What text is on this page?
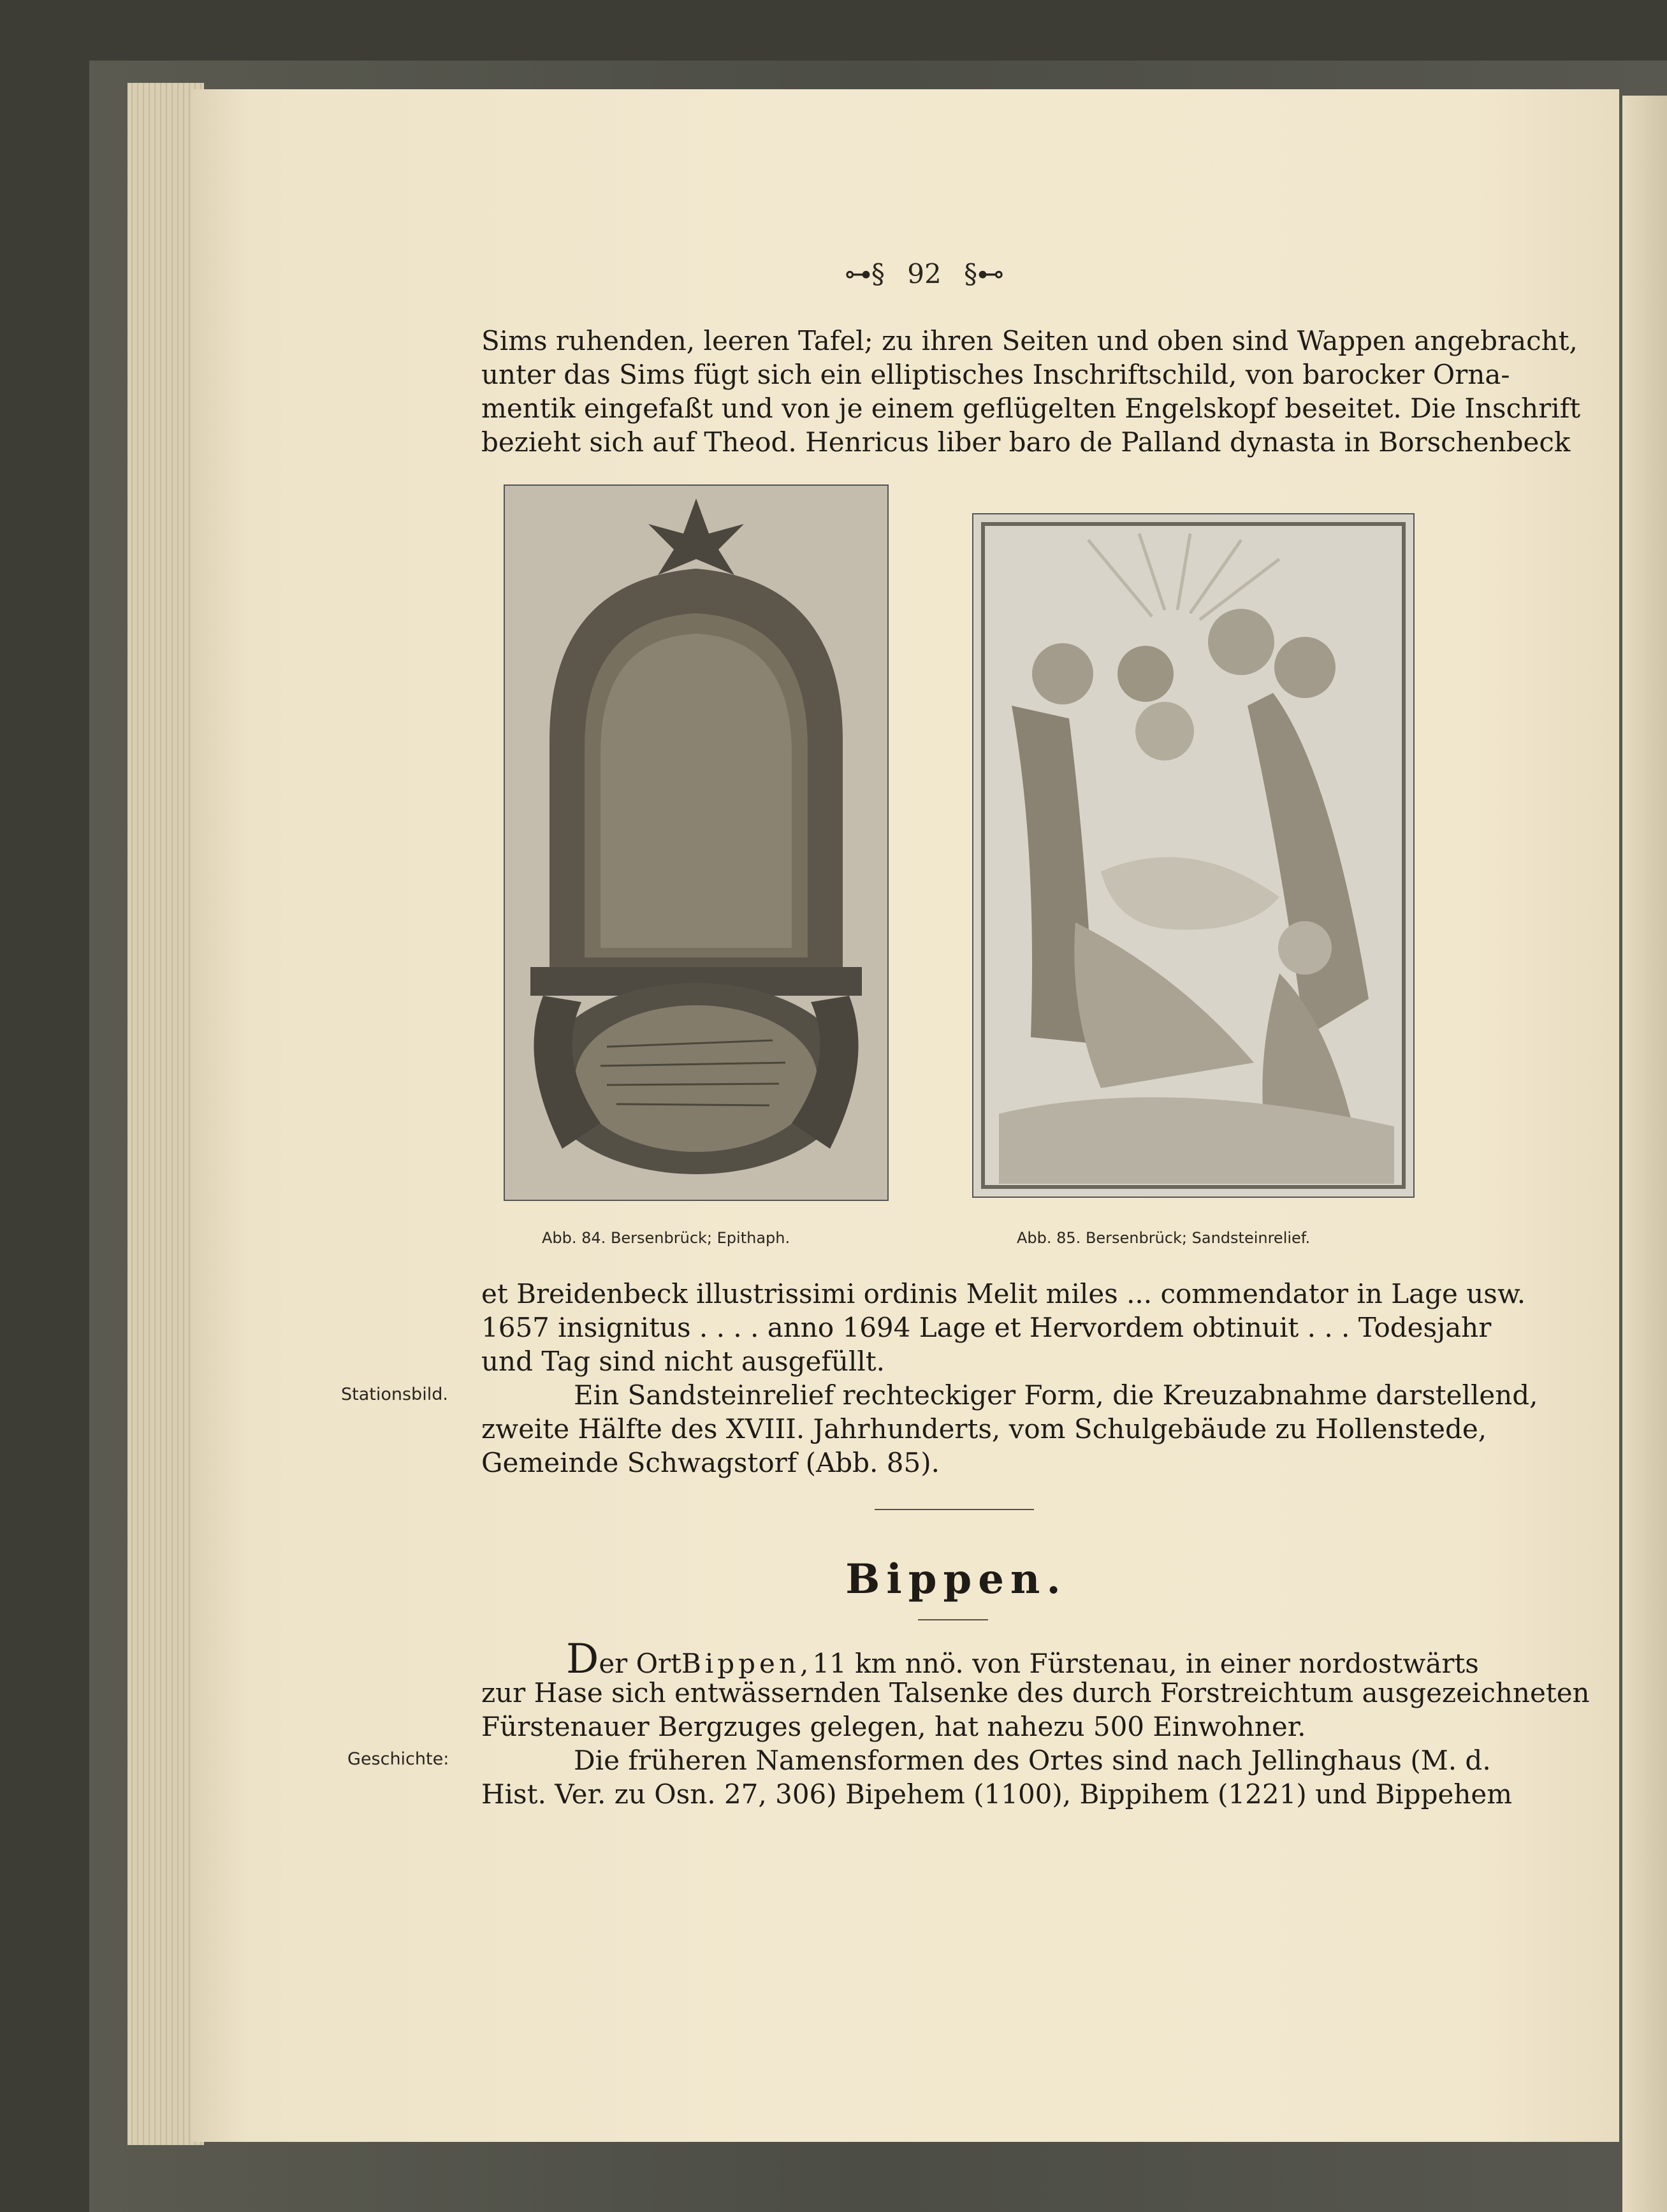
⊶§ 92 §⊷
Sims ruhenden, leeren Tafel; zu ihren Seiten und oben sind Wappen angebracht,
unter das Sims fügt sich ein elliptisches Inschriftschild, von barocker Orna-
mentik eingefaßt und von je einem geflügelten Engelskopf beseitet. Die Inschrift
bezieht sich auf Theod. Henricus liber baro de Palland dynasta in Borschenbeck
Abb. 84. Bersenbrück; Epithaph.	Abb. 85. Bersenbrück; Sandsteinrelief.
et Breidenbeck illustrissimi ordinis Melit miles ... commendator in Lage usw.
1657 insignitus . . . . anno 1694 Lage et Hervordem obtinuit . . . Todesjahr
und Tag sind nicht ausgefüllt.
Stationsbild.	Ein Sandsteinrelief rechteckiger Form, die Kreuzabnahme darstellend,
zweite Hälfte des XVIII. Jahrhunderts, vom Schulgebäude zu Hollenstede,
Gemeinde Schwagstorf (Abb. 85).
Bippen.
Der Ort Bippen, 11 km nnö. von Fürstenau, in einer nordostwärts
zur Hase sich entwässernden Talsenke des durch Forstreichtum ausgezeichneten
Fürstenauer Bergzuges gelegen, hat nahezu 500 Einwohner.
Geschichte:	Die früheren Namensformen des Ortes sind nach Jellinghaus (M. d.
Hist. Ver. zu Osn. 27, 306) Bipehem (1100), Bippihem (1221) und Bippehem
